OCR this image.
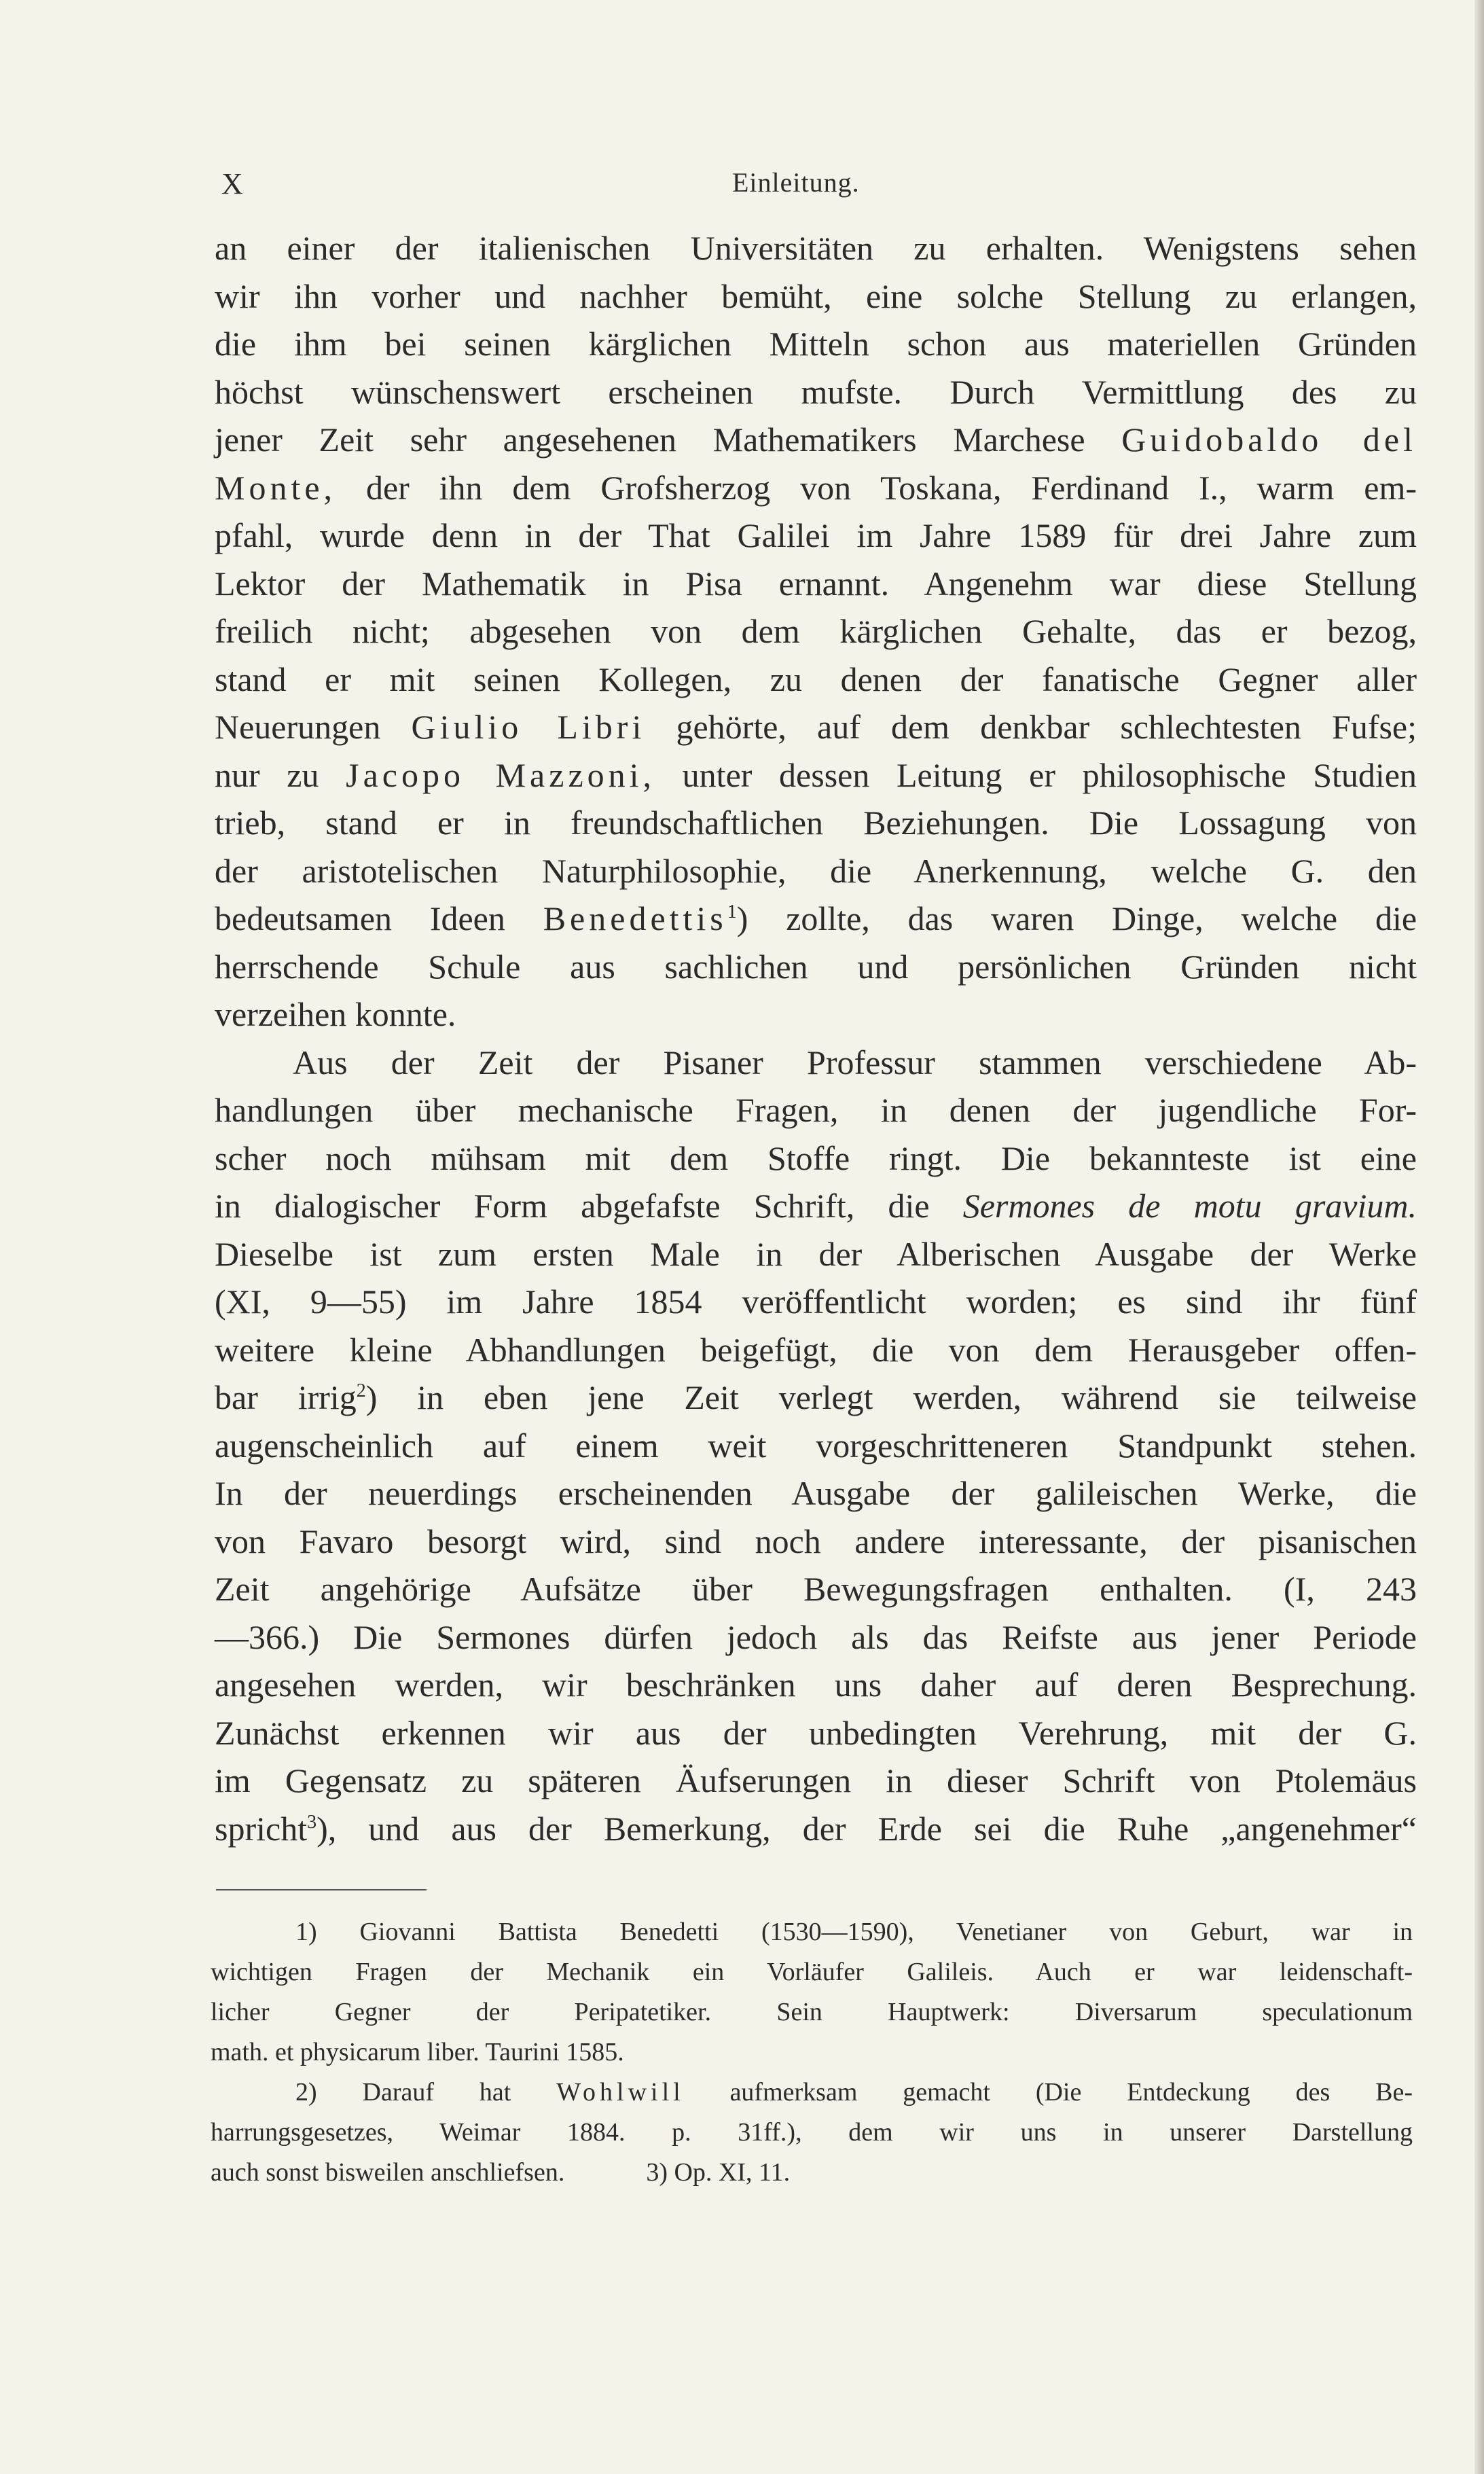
X	Einleitung.
an einer der italienischen Universitäten zu erhalten. Wenigstens sehen
wir ihn vorher und nachher bemüht, eine solche Stellung zu erlangen,
die ihm bei seinen kärglichen Mitteln schon aus materiellen Gründen
höchst wünschenswert erscheinen mufste. Durch Vermittlung des zu
jener Zeit sehr angesehenen Mathematikers Marchese Guidobaldo del
Monte, der ihn dem Grofsherzog von Toskana, Ferdinand I., warm em-
pfahl, wurde denn in der That Galilei im Jahre 1589 für drei Jahre zum
Lektor der Mathematik in Pisa ernannt. Angenehm war diese Stellung
freilich nicht; abgesehen von dem kärglichen Gehalte, das er bezog,
stand er mit seinen Kollegen, zu denen der fanatische Gegner aller
Neuerungen Giulio Libri gehörte, auf dem denkbar schlechtesten Fufse;
nur zu Jacopo Mazzoni, unter dessen Leitung er philosophische Studien
trieb, stand er in freundschaftlichen Beziehungen. Die Lossagung von
der aristotelischen Naturphilosophie, die Anerkennung, welche G. den
bedeutsamen Ideen Benedettis$^1$) zollte, das waren Dinge, welche die
herrschende Schule aus sachlichen und persönlichen Gründen nicht
verzeihen konnte.
Aus der Zeit der Pisaner Professur stammen verschiedene Ab-
handlungen über mechanische Fragen, in denen der jugendliche For-
scher noch mühsam mit dem Stoffe ringt. Die bekannteste ist eine
in dialogischer Form abgefafste Schrift, die Sermones de motu gravium.
Dieselbe ist zum ersten Male in der Alberischen Ausgabe der Werke
(XI, 9—55) im Jahre 1854 veröffentlicht worden; es sind ihr fünf
weitere kleine Abhandlungen beigefügt, die von dem Herausgeber offen-
bar irrig$^2$) in eben jene Zeit verlegt werden, während sie teilweise
augenscheinlich auf einem weit vorgeschritteneren Standpunkt stehen.
In der neuerdings erscheinenden Ausgabe der galileischen Werke, die
von Favaro besorgt wird, sind noch andere interessante, der pisanischen
Zeit angehörige Aufsätze über Bewegungsfragen enthalten. (I, 243
—366.) Die Sermones dürfen jedoch als das Reifste aus jener Periode
angesehen werden, wir beschränken uns daher auf deren Besprechung.
Zunächst erkennen wir aus der unbedingten Verehrung, mit der G.
im Gegensatz zu späteren Äufserungen in dieser Schrift von Ptolemäus
spricht$^3$), und aus der Bemerkung, der Erde sei die Ruhe „angenehmer“
1) Giovanni Battista Benedetti (1530—1590), Venetianer von Geburt, war in
wichtigen Fragen der Mechanik ein Vorläufer Galileis. Auch er war leidenschaft-
licher Gegner der Peripatetiker. Sein Hauptwerk: Diversarum speculationum
math. et physicarum liber. Taurini 1585.
2) Darauf hat Wohlwill aufmerksam gemacht (Die Entdeckung des Be-
harrungsgesetzes, Weimar 1884. p. 31ff.), dem wir uns in unserer Darstellung
auch sonst bisweilen anschliefsen.	3) Op. XI, 11.
